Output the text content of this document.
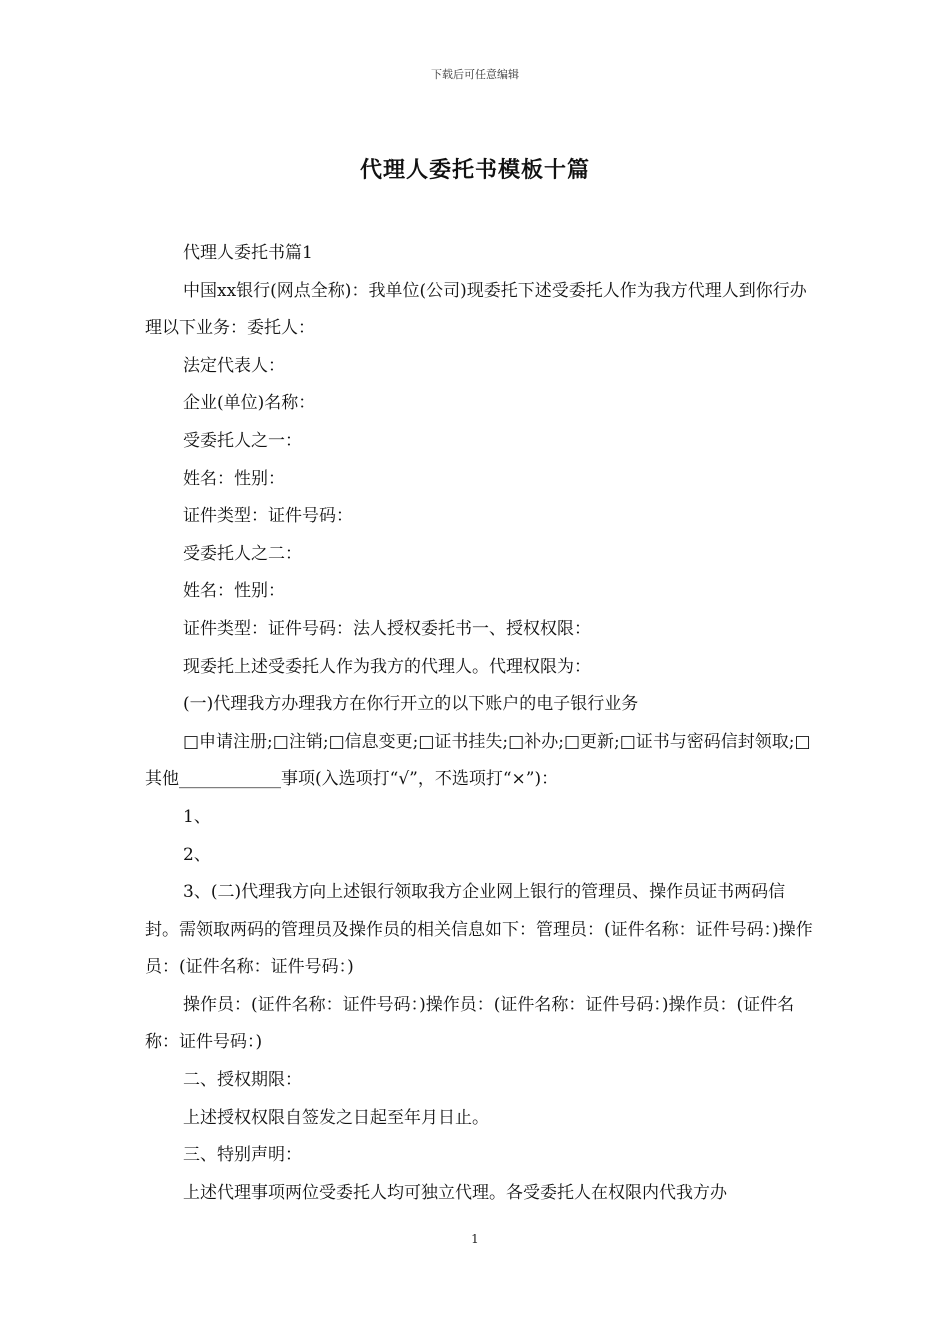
下载后可任意编辑
代理人委托书模板十篇

代理人委托书篇1

中国xx银行(网点全称)：我单位(公司)现委托下述受委托人作为我方代理人到你行办理以下业务：委托人：

法定代表人：

企业(单位)名称：

受委托人之一：

姓名：性别：

证件类型：证件号码：

受委托人之二：

姓名：性别：

证件类型：证件号码：法人授权委托书一、授权权限：

现委托上述受委托人作为我方的代理人。代理权限为：

(一)代理我方办理我方在你行开立的以下账户的电子银行业务

□申请注册;□注销;□信息变更;□证书挂失;□补办;□更新;□证书与密码信封领取;□其他____________事项(入选项打“√”，不选项打“×”)：

1、

2、

3、(二)代理我方向上述银行领取我方企业网上银行的管理员、操作员证书两码信封。需领取两码的管理员及操作员的相关信息如下：管理员：(证件名称：证件号码：)操作员：(证件名称：证件号码：)

操作员：(证件名称：证件号码：)操作员：(证件名称：证件号码：)操作员：(证件名称：证件号码：)

二、授权期限：

上述授权权限自签发之日起至年月日止。

三、特别声明：

上述代理事项两位受委托人均可独立代理。各受委托人在权限内代我方办

1
